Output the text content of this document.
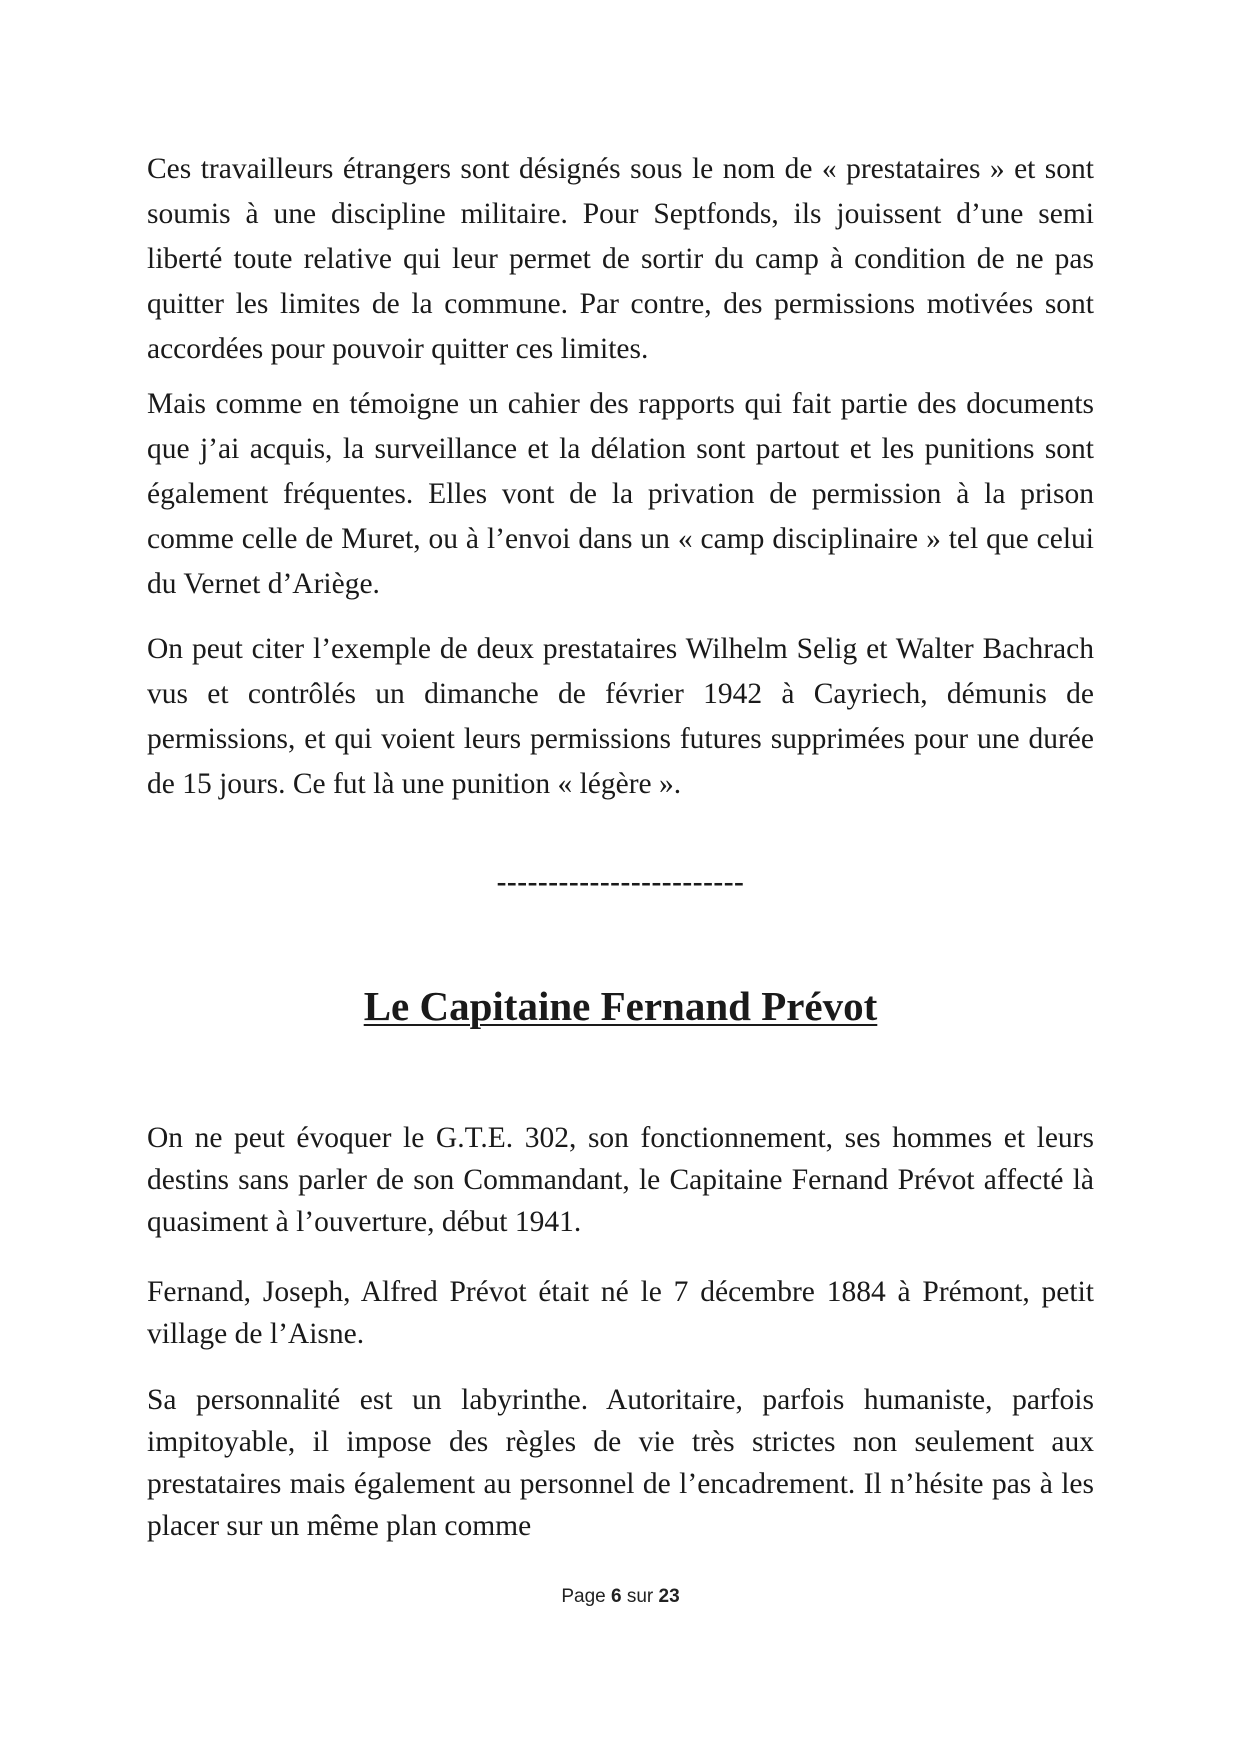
Ces travailleurs étrangers sont désignés sous le nom de « prestataires » et sont soumis à une discipline militaire. Pour Septfonds, ils jouissent d’une semi liberté toute relative qui leur permet de sortir du camp à condition de ne pas quitter les limites de la commune. Par contre, des permissions motivées sont accordées pour pouvoir quitter ces limites.

Mais comme en témoigne un cahier des rapports qui fait partie des documents que j’ai acquis, la surveillance et la délation sont partout et les punitions sont également fréquentes. Elles vont de la privation de permission à la prison comme celle de Muret, ou à l’envoi dans un « camp disciplinaire » tel que celui du Vernet d’Ariège.

On peut citer l’exemple de deux prestataires Wilhelm Selig et Walter Bachrach vus et contrôlés un dimanche de février 1942 à Cayriech, démunis de permissions, et qui voient leurs permissions futures supprimées pour une durée de 15 jours. Ce fut là une punition « légère ».

------------------------

Le Capitaine Fernand Prévot

On ne peut évoquer le G.T.E. 302, son fonctionnement, ses hommes et leurs destins sans parler de son Commandant, le Capitaine Fernand Prévot affecté là quasiment à l’ouverture, début 1941.

Fernand, Joseph, Alfred Prévot était né le 7 décembre 1884 à Prémont, petit village de l’Aisne.

Sa personnalité est un labyrinthe. Autoritaire, parfois humaniste, parfois impitoyable, il impose des règles de vie très strictes non seulement aux prestataires mais également au personnel de l’encadrement. Il n’hésite pas à les placer sur un même plan comme

Page 6 sur 23
